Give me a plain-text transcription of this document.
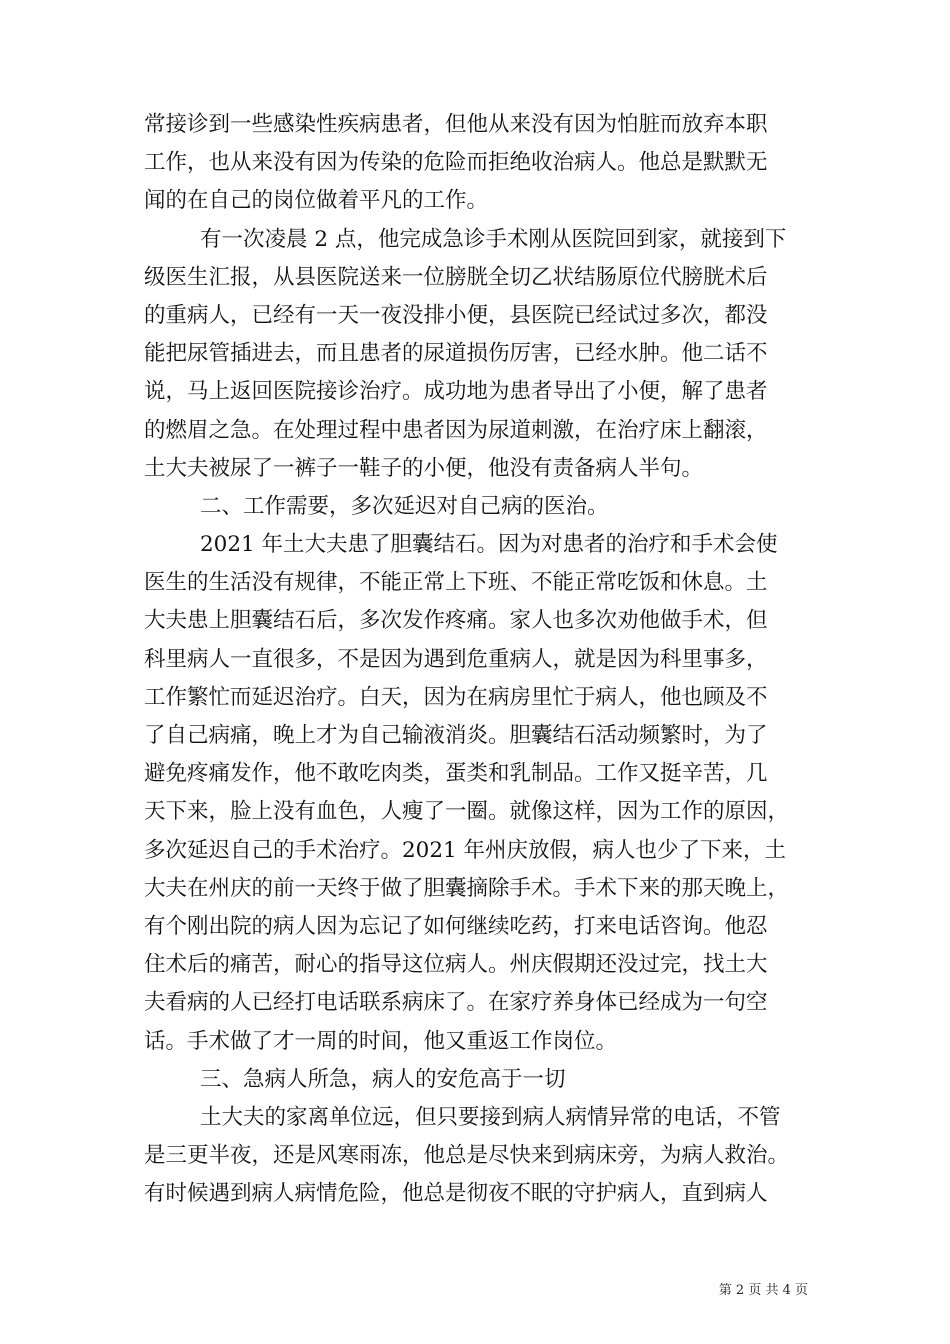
常接诊到一些感染性疾病患者，但他从来没有因为怕脏而放弃本职
工作，也从来没有因为传染的危险而拒绝收治病人。他总是默默无
闻的在自己的岗位做着平凡的工作。
有一次凌晨 2 点，他完成急诊手术刚从医院回到家，就接到下
级医生汇报，从县医院送来一位膀胱全切乙状结肠原位代膀胱术后
的重病人，已经有一天一夜没排小便，县医院已经试过多次，都没
能把尿管插进去，而且患者的尿道损伤厉害，已经水肿。他二话不
说，马上返回医院接诊治疗。成功地为患者导出了小便，解了患者
的燃眉之急。在处理过程中患者因为尿道刺激，在治疗床上翻滚，
土大夫被尿了一裤子一鞋子的小便，他没有责备病人半句。
二、工作需要，多次延迟对自己病的医治。
2021 年土大夫患了胆囊结石。因为对患者的治疗和手术会使
医生的生活没有规律，不能正常上下班、不能正常吃饭和休息。土
大夫患上胆囊结石后，多次发作疼痛。家人也多次劝他做手术，但
科里病人一直很多，不是因为遇到危重病人，就是因为科里事多，
工作繁忙而延迟治疗。白天，因为在病房里忙于病人，他也顾及不
了自己病痛，晚上才为自己输液消炎。胆囊结石活动频繁时，为了
避免疼痛发作，他不敢吃肉类，蛋类和乳制品。工作又挺辛苦，几
天下来，脸上没有血色，人瘦了一圈。就像这样，因为工作的原因，
多次延迟自己的手术治疗。2021 年州庆放假，病人也少了下来，土
大夫在州庆的前一天终于做了胆囊摘除手术。手术下来的那天晚上，
有个刚出院的病人因为忘记了如何继续吃药，打来电话咨询。他忍
住术后的痛苦，耐心的指导这位病人。州庆假期还没过完，找土大
夫看病的人已经打电话联系病床了。在家疗养身体已经成为一句空
话。手术做了才一周的时间，他又重返工作岗位。
三、急病人所急，病人的安危高于一切
土大夫的家离单位远，但只要接到病人病情异常的电话，不管
是三更半夜，还是风寒雨冻，他总是尽快来到病床旁，为病人救治。
有时候遇到病人病情危险，他总是彻夜不眠的守护病人，直到病人
第 2 页 共 4 页
